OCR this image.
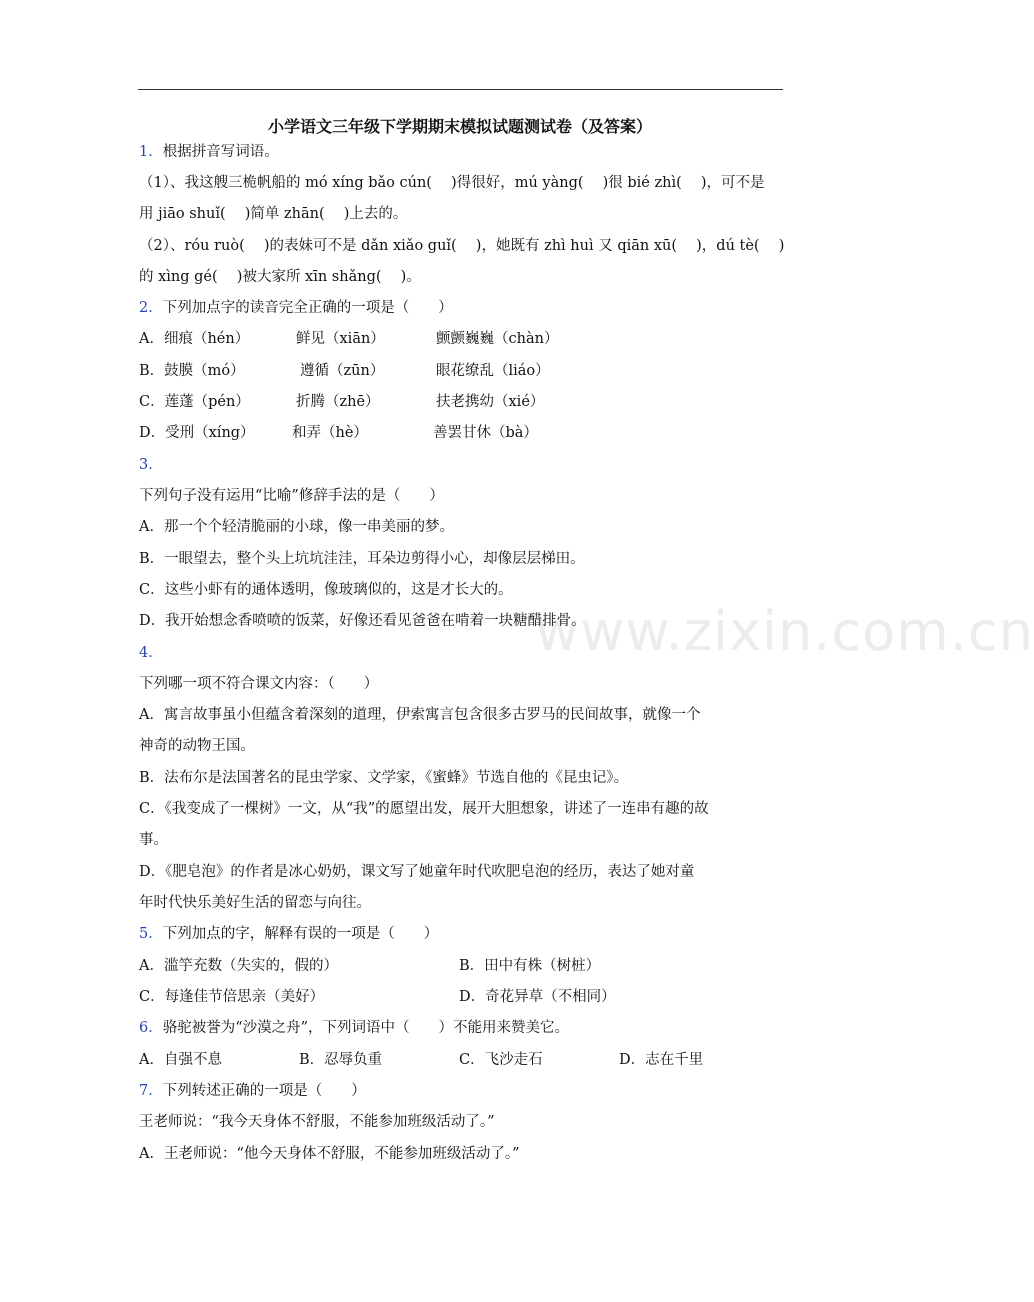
小学语文三年级下学期期末模拟试题测试卷（及答案）
www.zixin.com.cn
1．根据拼音写词语。
（1）、我这艘三桅帆船的 mó xíng bǎo cún(　 )得很好，mú yàng(　 )很 bié zhì(　 )，可不是
用 jiāo shuǐ(　 )简单 zhān(　 )上去的。
（2）、róu ruò(　 )的表妹可不是 dǎn xiǎo guǐ(　 )，她既有 zhì huì 又 qiān xū(　 )，dú tè(　 )
的 xìng gé(　 )被大家所 xīn shǎng(　 )。
2．下列加点字的读音完全正确的一项是（　　）
A．细痕（hén）	鲜见（xiān）	颤颤巍巍（chàn）
B．鼓膜（mó）	遵循（zūn）	眼花缭乱（liáo）
C．莲蓬（pén）	折腾（zhē）	扶老携幼（xié）
D．受刑（xíng）	和弄（hè）	善罢甘休（bà）
3．
下列句子没有运用“比喻”修辞手法的是（　　）
A．那一个个轻清脆丽的小球，像一串美丽的梦。
B．一眼望去，整个头上坑坑洼洼，耳朵边剪得小心，却像层层梯田。
C．这些小虾有的通体透明，像玻璃似的，这是才长大的。
D．我开始想念香喷喷的饭菜，好像还看见爸爸在啃着一块糖醋排骨。
4．
下列哪一项不符合课文内容：（　　）
A．寓言故事虽小但蕴含着深刻的道理，伊索寓言包含很多古罗马的民间故事，就像一个
神奇的动物王国。
B．法布尔是法国著名的昆虫学家、文学家，《蜜蜂》节选自他的《昆虫记》。
C．《我变成了一棵树》一文，从“我”的愿望出发，展开大胆想象，讲述了一连串有趣的故
事。
D．《肥皂泡》的作者是冰心奶奶，课文写了她童年时代吹肥皂泡的经历，表达了她对童
年时代快乐美好生活的留恋与向往。
5．下列加点的字，解释有误的一项是（　　）
A．滥竽充数（失实的，假的）	B．田中有株（树桩）
C．每逢佳节倍思亲（美好）	D．奇花异草（不相同）
6．骆驼被誉为“沙漠之舟”，下列词语中（　　）不能用来赞美它。
A．自强不息	B．忍辱负重	C．飞沙走石	D．志在千里
7．下列转述正确的一项是（　　）
王老师说：“我今天身体不舒服，不能参加班级活动了。”
A．王老师说：“他今天身体不舒服，不能参加班级活动了。”
